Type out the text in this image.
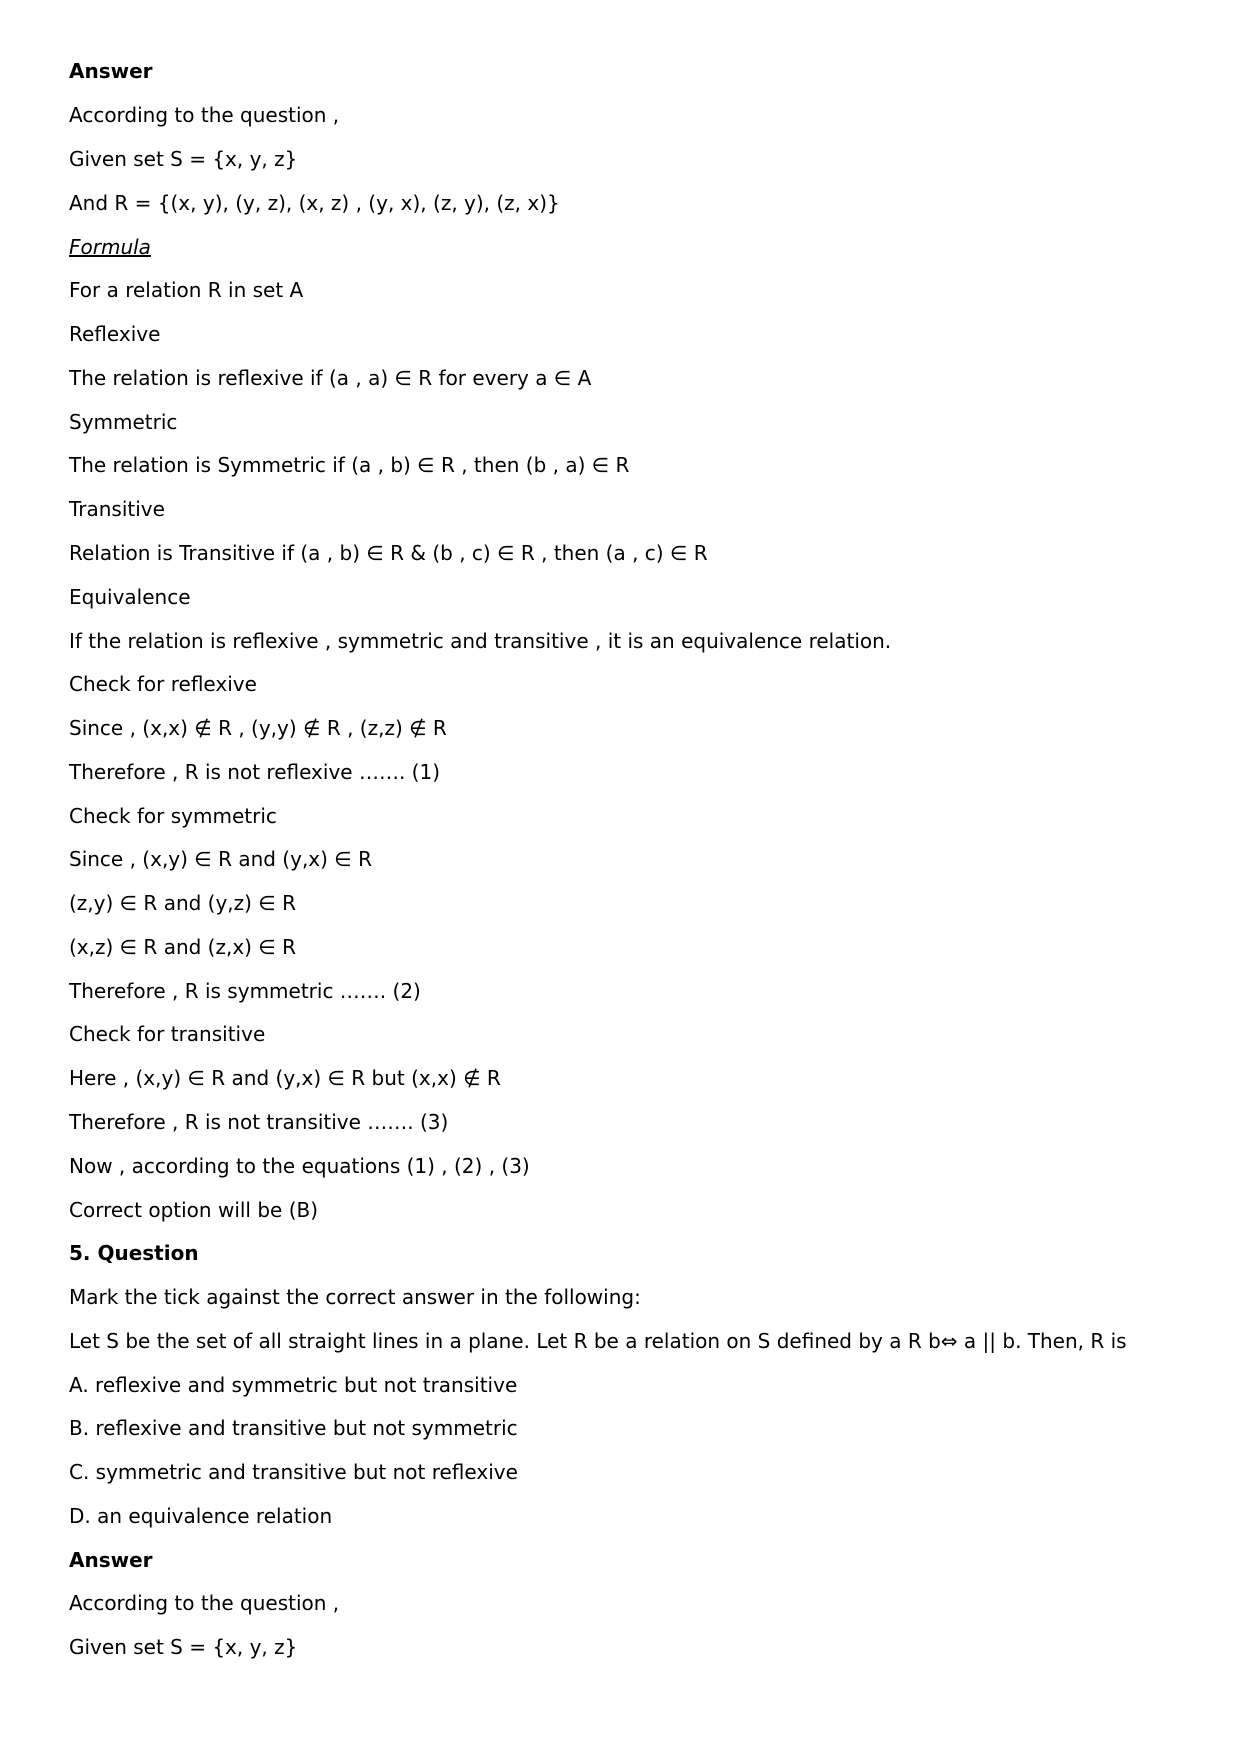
Answer
According to the question ,
Given set S = {x, y, z}
And R = {(x, y), (y, z), (x, z) , (y, x), (z, y), (z, x)}
Formula
For a relation R in set A
Reflexive
The relation is reflexive if (a , a) ∈ R for every a ∈ A
Symmetric
The relation is Symmetric if (a , b) ∈ R , then (b , a) ∈ R
Transitive
Relation is Transitive if (a , b) ∈ R & (b , c) ∈ R , then (a , c) ∈ R
Equivalence
If the relation is reflexive , symmetric and transitive , it is an equivalence relation.
Check for reflexive
Since , (x,x) ∉ R , (y,y) ∉ R , (z,z) ∉ R
Therefore , R is not reflexive ……. (1)
Check for symmetric
Since , (x,y) ∈ R and (y,x) ∈ R
(z,y) ∈ R and (y,z) ∈ R
(x,z) ∈ R and (z,x) ∈ R
Therefore , R is symmetric ……. (2)
Check for transitive
Here , (x,y) ∈ R and (y,x) ∈ R but (x,x) ∉ R
Therefore , R is not transitive ……. (3)
Now , according to the equations (1) , (2) , (3)
Correct option will be (B)
5. Question
Mark the tick against the correct answer in the following:
Let S be the set of all straight lines in a plane. Let R be a relation on S defined by a R b⇔ a || b. Then, R is
A. reflexive and symmetric but not transitive
B. reflexive and transitive but not symmetric
C. symmetric and transitive but not reflexive
D. an equivalence relation
Answer
According to the question ,
Given set S = {x, y, z}
